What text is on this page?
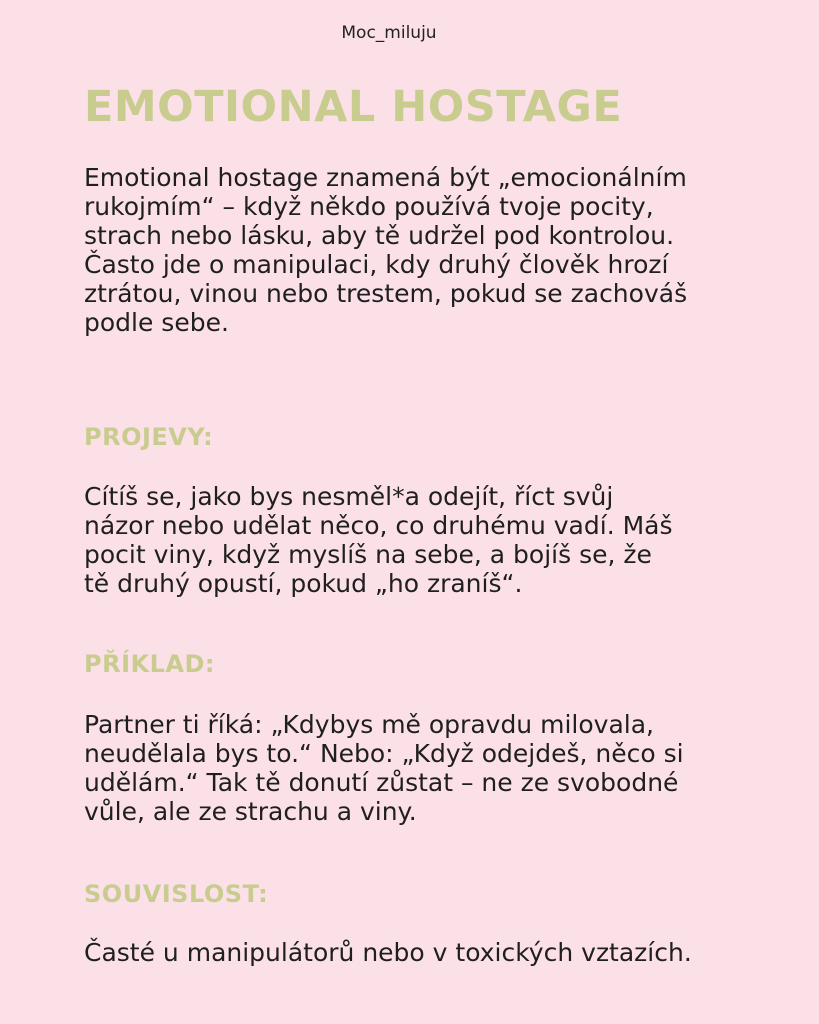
Moc_miluju
EMOTIONAL HOSTAGE

Emotional hostage znamená být „emocionálním rukojmím“ – když někdo používá tvoje pocity, strach nebo lásku, aby tě udržel pod kontrolou. Často jde o manipulaci, kdy druhý člověk hrozí ztrátou, vinou nebo trestem, pokud se zachováš podle sebe.

PROJEVY:

Cítíš se, jako bys nesměl*a odejít, říct svůj názor nebo udělat něco, co druhému vadí. Máš pocit viny, když myslíš na sebe, a bojíš se, že tě druhý opustí, pokud „ho zraníš“.

PŘÍKLAD:

Partner ti říká: „Kdybys mě opravdu milovala, neudělala bys to.“ Nebo: „Když odejdeš, něco si udělám.“ Tak tě donutí zůstat – ne ze svobodné vůle, ale ze strachu a viny.

SOUVISLOST:

Časté u manipulátorů nebo v toxických vztazích.
